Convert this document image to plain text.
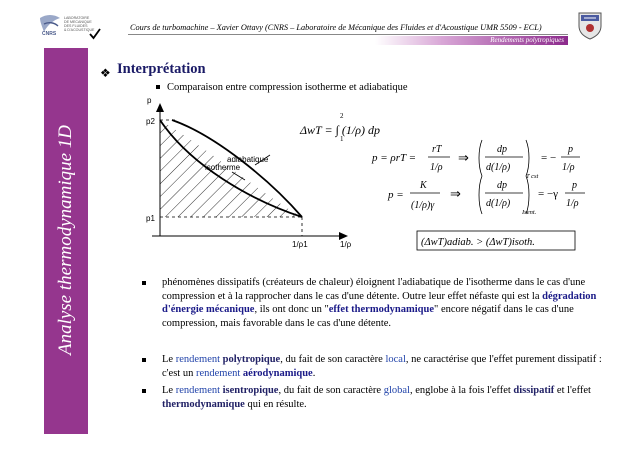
CNRS
LABORATOIRE
DE MECANIQUE
DES FLUIDES
& D'ACOUSTIQUE	Cours de turbomachine – Xavier Ottavy (CNRS – Laboratoire de Mécanique des Fluides et d'Acoustique UMR 5509 - ECL)
Rendements polytropiques
Analyse thermodynamique 1D
❖ Interprétation
Comparaison entre compression isotherme et adiabatique
p
p2
p1
1/ρ1	1/ρ
adiabatique
isotherme
ΔwT = ∫ (1/ρ) dp
2
1
p = ρrT =
rT
1/ρ
⇒
dp
d(1/ρ)
T cst
= −
p
1/ρ
p =
K
(1/ρ)γ
⇒
dp
d(1/ρ)
Isent.
= −γ
p
1/ρ
(ΔwT)adiab. > (ΔwT)isoth.
phénomènes dissipatifs (créateurs de chaleur) éloignent l'adiabatique de l'isotherme dans le cas d'une compression et à la rapprocher dans le cas d'une détente. Outre leur effet néfaste qui est la dégradation d'énergie mécanique, ils ont donc un "effet thermodynamique" encore négatif dans le cas d'une compression, mais favorable dans le cas d'une détente.
Le rendement polytropique, du fait de son caractère local, ne caractérise que l'effet purement dissipatif : c'est un rendement aérodynamique.
Le rendement isentropique, du fait de son caractère global, englobe à la fois l'effet dissipatif et l'effet thermodynamique qui en résulte.
